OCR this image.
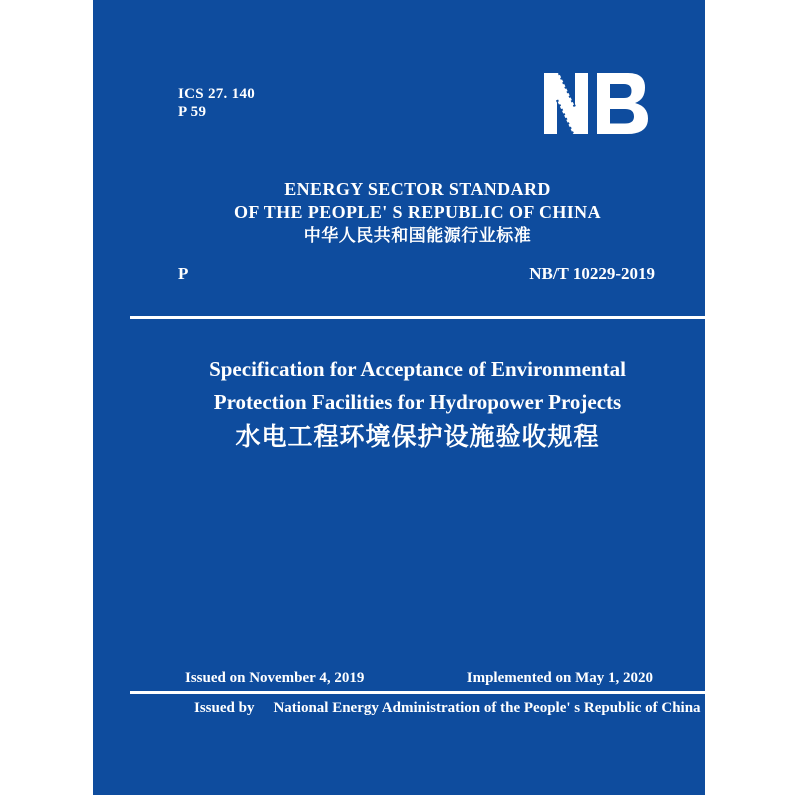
ICS 27. 140
P 59
ENERGY SECTOR STANDARD
OF THE PEOPLE' S REPUBLIC OF CHINA
中华人民共和国能源行业标准
P	NB/T 10229-2019
Specification for Acceptance of Environmental
Protection Facilities for Hydropower Projects
水电工程环境保护设施验收规程
Issued on November 4, 2019	Implemented on May 1, 2020
Issued by National Energy Administration of the People' s Republic of China
